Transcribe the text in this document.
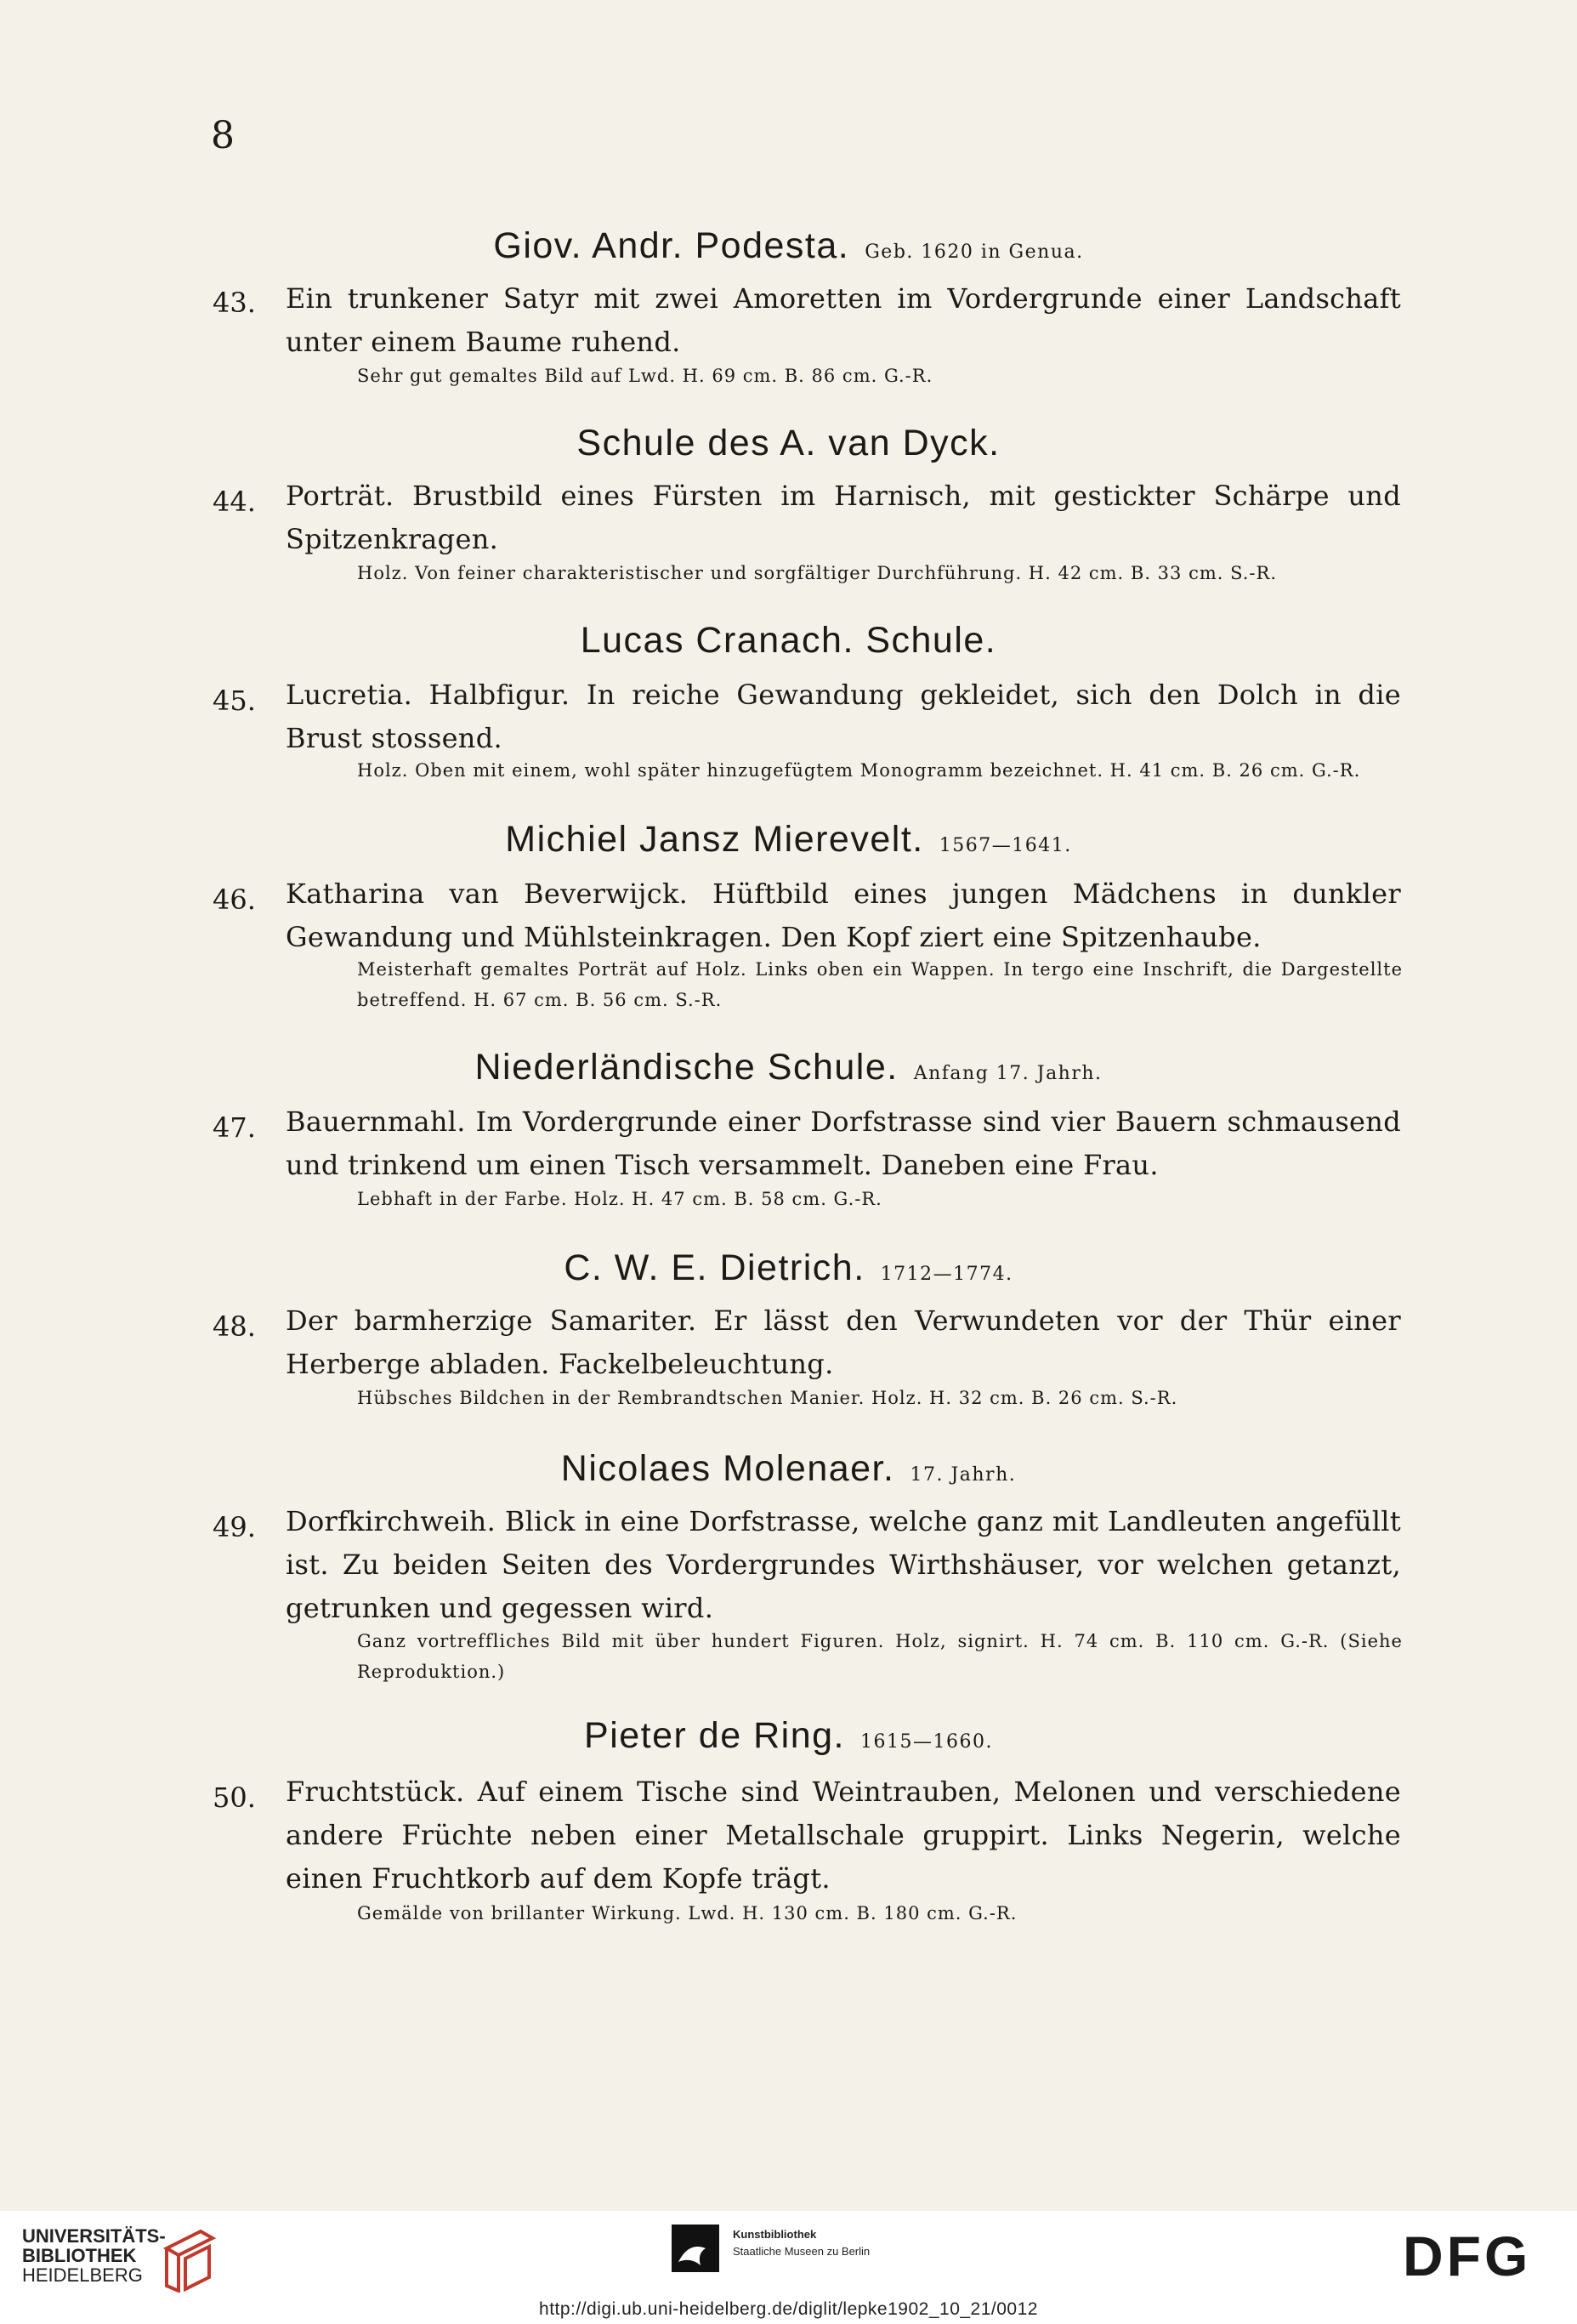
8
Giov. Andr. Podesta. Geb. 1620 in Genua.
43. Ein trunkener Satyr mit zwei Amoretten im Vordergrunde einer Landschaft unter einem Baume ruhend.
Sehr gut gemaltes Bild auf Lwd. H. 69 cm. B. 86 cm. G.-R.
Schule des A. van Dyck.
44. Porträt. Brustbild eines Fürsten im Harnisch, mit gestickter Schärpe und Spitzenkragen.
Holz. Von feiner charakteristischer und sorgfältiger Durchführung. H. 42 cm. B. 33 cm. S.-R.
Lucas Cranach. Schule.
45. Lucretia. Halbfigur. In reiche Gewandung gekleidet, sich den Dolch in die Brust stossend.
Holz. Oben mit einem, wohl später hinzugefügtem Monogramm bezeichnet. H. 41 cm. B. 26 cm. G.-R.
Michiel Jansz Mierevelt. 1567—1641.
46. Katharina van Beverwijck. Hüftbild eines jungen Mädchens in dunkler Gewandung und Mühlsteinkragen. Den Kopf ziert eine Spitzenhaube.
Meisterhaft gemaltes Porträt auf Holz. Links oben ein Wappen. In tergo eine Inschrift, die Dargestellte betreffend. H. 67 cm. B. 56 cm. S.-R.
Niederländische Schule. Anfang 17. Jahrh.
47. Bauernmahl. Im Vordergrunde einer Dorfstrasse sind vier Bauern schmausend und trinkend um einen Tisch versammelt. Daneben eine Frau.
Lebhaft in der Farbe. Holz. H. 47 cm. B. 58 cm. G.-R.
C. W. E. Dietrich. 1712—1774.
48. Der barmherzige Samariter. Er lässt den Verwundeten vor der Thür einer Herberge abladen. Fackelbeleuchtung.
Hübsches Bildchen in der Rembrandtschen Manier. Holz. H. 32 cm. B. 26 cm. S.-R.
Nicolaes Molenaer. 17. Jahrh.
49. Dorfkirchweih. Blick in eine Dorfstrasse, welche ganz mit Landleuten angefüllt ist. Zu beiden Seiten des Vordergrundes Wirthshäuser, vor welchen getanzt, getrunken und gegessen wird.
Ganz vortreffliches Bild mit über hundert Figuren. Holz, signirt. H. 74 cm. B. 110 cm. G.-R. (Siehe Reproduktion.)
Pieter de Ring. 1615—1660.
50. Fruchtstück. Auf einem Tische sind Weintrauben, Melonen und verschiedene andere Früchte neben einer Metallschale gruppirt. Links Negerin, welche einen Fruchtkorb auf dem Kopfe trägt.
Gemälde von brillanter Wirkung. Lwd. H. 130 cm. B. 180 cm. G.-R.
UNIVERSITÄTS-
BIBLIOTHEK
HEIDELBERG
Kunstbibliothek
Staatliche Museen zu Berlin	DFG
http://digi.ub.uni-heidelberg.de/diglit/lepke1902_10_21/0012
